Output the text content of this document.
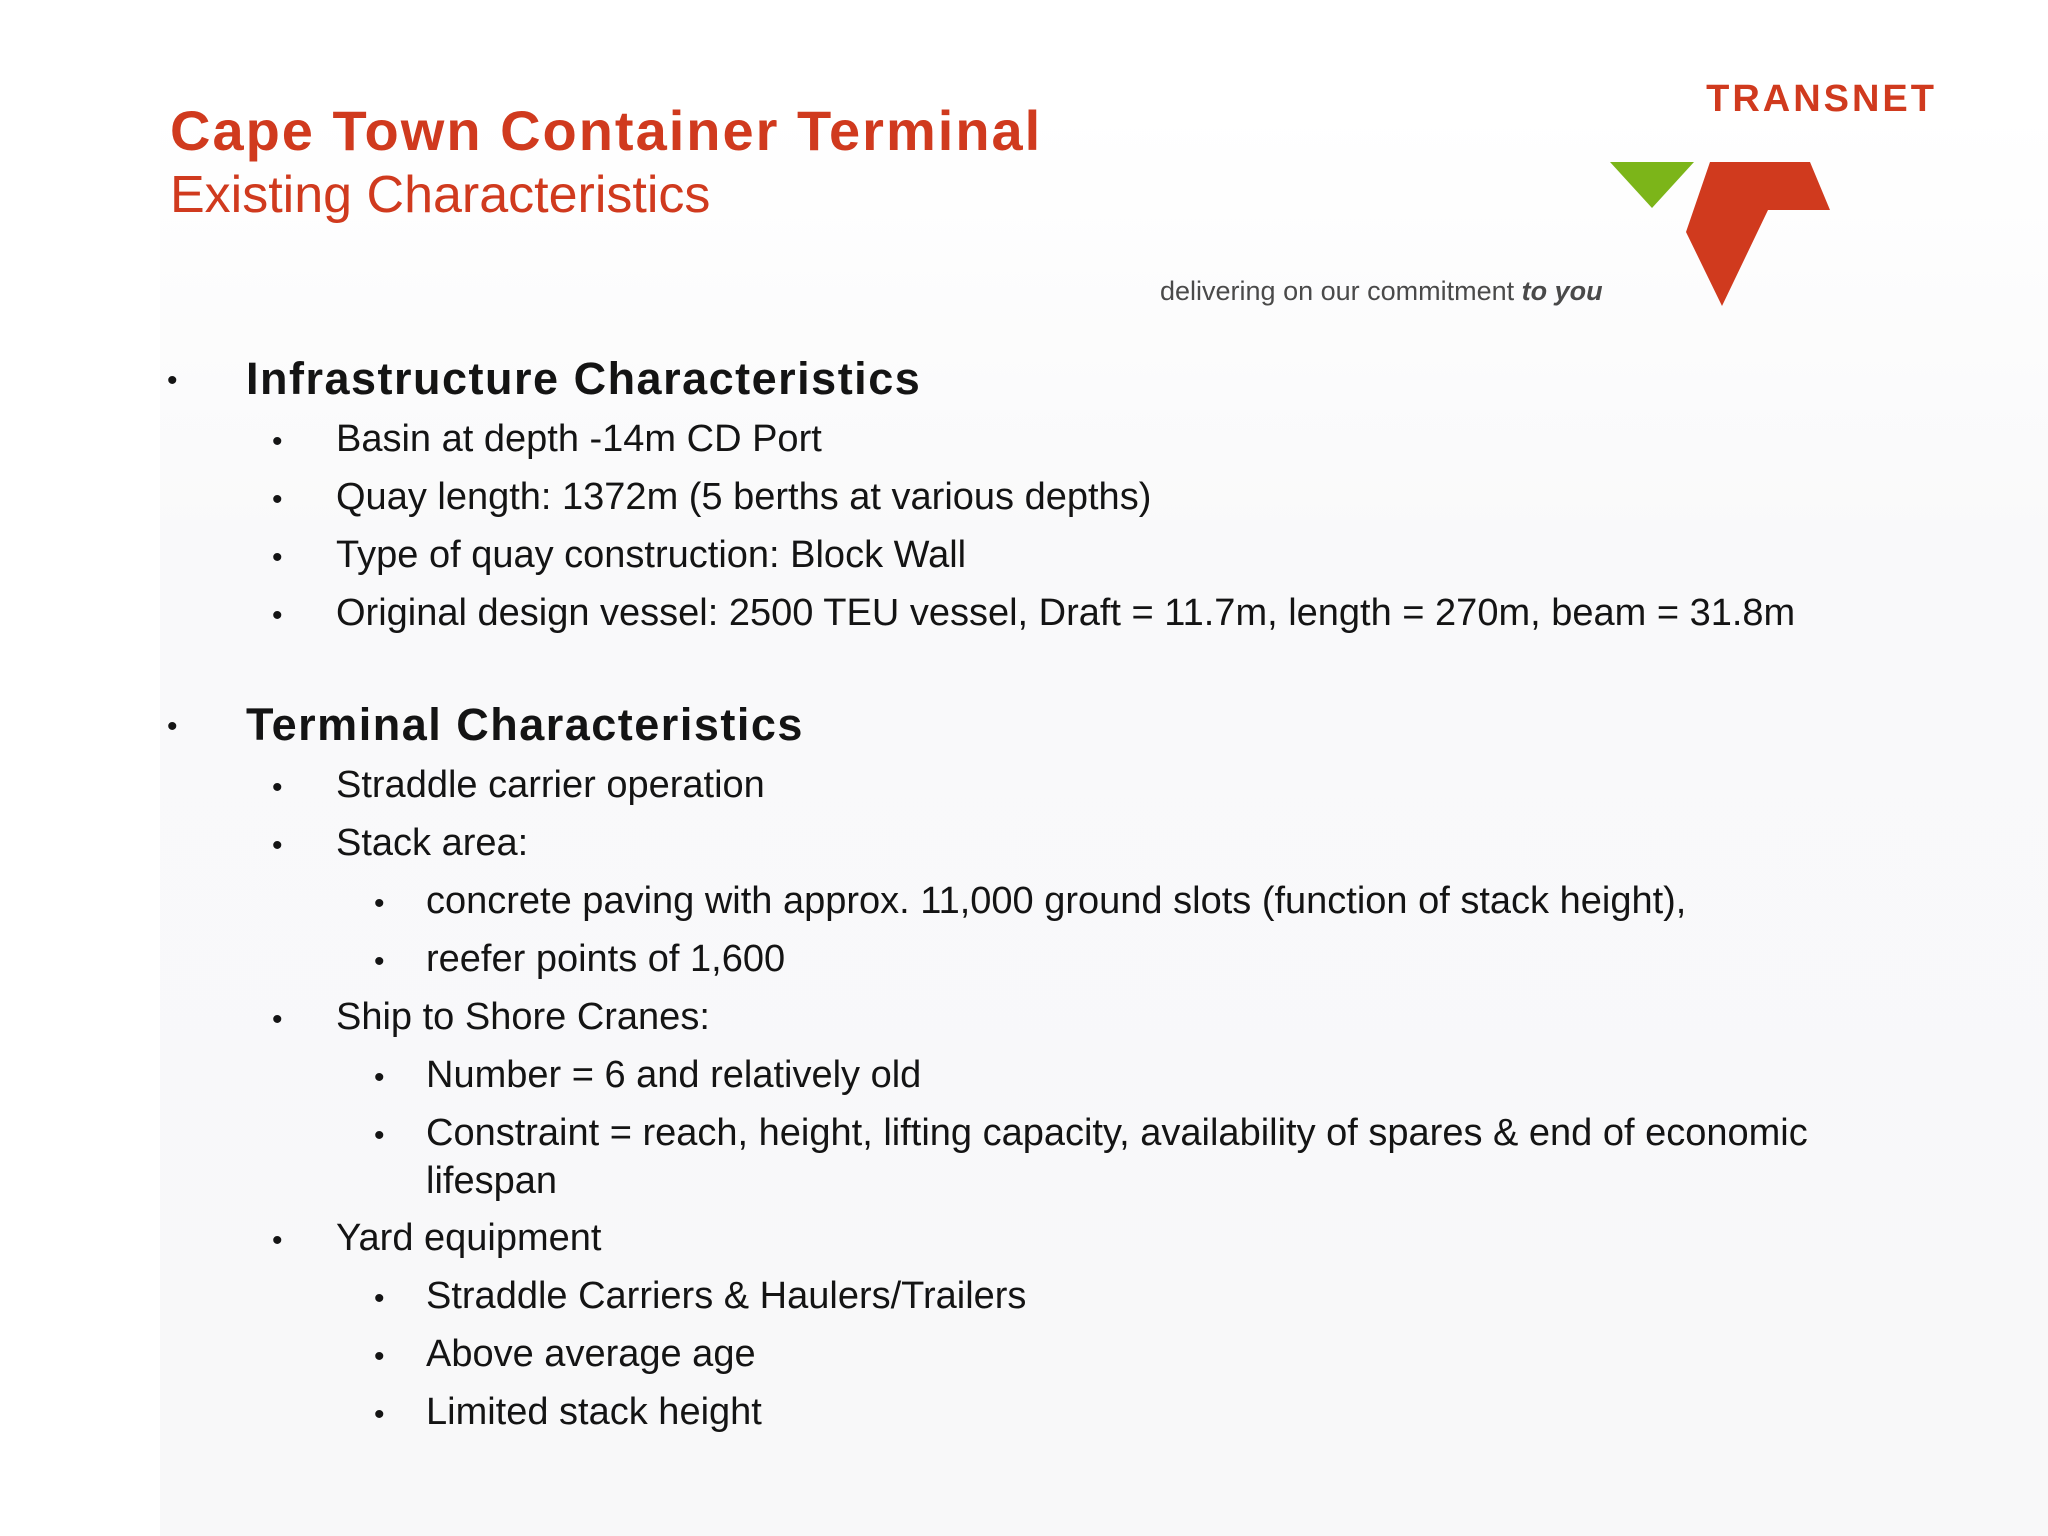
Cape Town Container Terminal
Existing Characteristics
TRANSNET
delivering on our commitment to you
• Infrastructure Characteristics
• Basin at depth -14m CD Port
• Quay length: 1372m (5 berths at various depths)
• Type of quay construction: Block Wall
• Original design vessel: 2500 TEU vessel, Draft = 11.7m, length = 270m, beam = 31.8m
• Terminal Characteristics
• Straddle carrier operation
• Stack area:
• concrete paving with approx. 11,000 ground slots (function of stack height),
• reefer points of 1,600
• Ship to Shore Cranes:
• Number = 6 and relatively old
• Constraint = reach, height, lifting capacity, availability of spares & end of economic
lifespan
• Yard equipment
• Straddle Carriers & Haulers/Trailers
• Above average age
• Limited stack height
